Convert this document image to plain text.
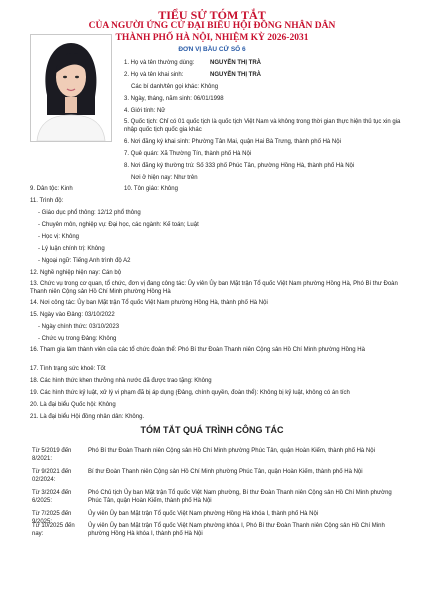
TIỂU SỬ TÓM TẮT
CỦA NGƯỜI ỨNG CỬ ĐẠI BIỂU HỘI ĐỒNG NHÂN DÂN
THÀNH PHỐ HÀ NỘI, NHIỆM KỲ 2026-2031
ĐƠN VỊ BẦU CỬ SỐ 6
1. Họ và tên thường dùng:	NGUYỄN THỊ TRÀ
2. Họ và tên khai sinh:	NGUYỄN THỊ TRÀ
Các bí danh/tên gọi khác: Không
3. Ngày, tháng, năm sinh: 06/01/1998
4. Giới tính: Nữ
5. Quốc tịch: Chỉ có 01 quốc tịch là quốc tịch Việt Nam và không trong thời gian thực hiện thủ tục xin gia nhập quốc tịch quốc gia khác
6. Nơi đăng ký khai sinh: Phường Tân Mai, quận Hai Bà Trưng, thành phố Hà Nội
7. Quê quán: Xã Thường Tín, thành phố Hà Nội
8. Nơi đăng ký thường trú: Số 333 phố Phúc Tân, phường Hồng Hà, thành phố Hà Nội
Nơi ở hiện nay: Như trên
9. Dân tộc: Kinh	10. Tôn giáo: Không
11. Trình độ:
- Giáo dục phổ thông: 12/12 phổ thông
- Chuyên môn, nghiệp vụ: Đại học, các ngành: Kế toán; Luật
- Học vị: Không
- Lý luận chính trị: Không
- Ngoại ngữ: Tiếng Anh trình độ A2
12. Nghề nghiệp hiện nay: Cán bộ
13. Chức vụ trong cơ quan, tổ chức, đơn vị đang công tác: Ủy viên Ủy ban Mặt trận Tổ quốc Việt Nam phường Hồng Hà, Phó Bí thư Đoàn Thanh niên Cộng sản Hồ Chí Minh phường Hồng Hà
14. Nơi công tác: Ủy ban Mặt trận Tổ quốc Việt Nam phường Hồng Hà, thành phố Hà Nội
15. Ngày vào Đảng: 03/10/2022
- Ngày chính thức: 03/10/2023
- Chức vụ trong Đảng: Không
16. Tham gia làm thành viên của các tổ chức đoàn thể: Phó Bí thư Đoàn Thanh niên Cộng sản Hồ Chí Minh phường Hồng Hà
17. Tình trạng sức khoẻ: Tốt
18. Các hình thức khen thưởng nhà nước đã được trao tặng: Không
19. Các hình thức kỷ luật, xử lý vi phạm đã bị áp dụng (Đảng, chính quyền, đoàn thể): Không bị kỷ luật, không có án tích
20. Là đại biểu Quốc hội: Không
21. Là đại biểu Hội đồng nhân dân: Không.
TÓM TẮT QUÁ TRÌNH CÔNG TÁC
Từ 5/2019 đến 8/2021:
Phó Bí thư Đoàn Thanh niên Cộng sản Hồ Chí Minh phường Phúc Tân, quận Hoàn Kiếm, thành phố Hà Nội
Từ 9/2021 đến 02/2024:
Bí thư Đoàn Thanh niên Cộng sản Hồ Chí Minh phường Phúc Tân, quận Hoàn Kiếm, thành phố Hà Nội
Từ 3/2024 đến 6/2025:
Phó Chủ tịch Ủy ban Mặt trận Tổ quốc Việt Nam phường, Bí thư Đoàn Thanh niên Cộng sản Hồ Chí Minh phường Phúc Tân, quận Hoàn Kiếm, thành phố Hà Nội
Từ 7/2025 đến 9/2025:
Ủy viên Ủy ban Mặt trận Tổ quốc Việt Nam phường Hồng Hà khóa I, thành phố Hà Nội
Từ 10/2025 đến nay:
Ủy viên Ủy ban Mặt trận Tổ quốc Việt Nam phường khóa I, Phó Bí thư Đoàn Thanh niên Cộng sản Hồ Chí Minh phường Hồng Hà khóa I, thành phố Hà Nội
